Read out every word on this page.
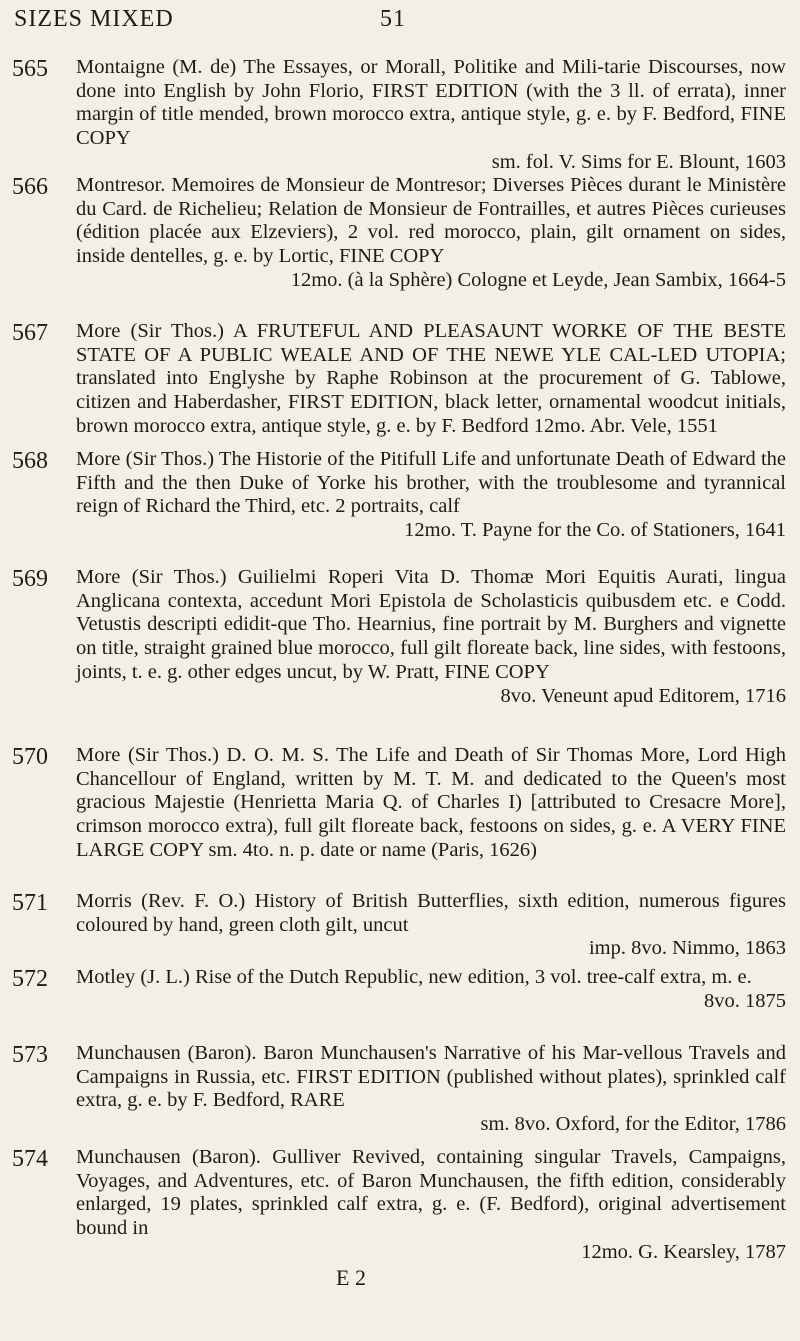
SIZES MIXED	51
565	Montaigne (M. de) The Essayes, or Morall, Politike and Mili-tarie Discourses, now done into English by John Florio, FIRST EDITION (with the 3 ll. of errata), inner margin of title mended, brown morocco extra, antique style, g. e. by F. Bedford, FINE COPY
sm. fol. V. Sims for E. Blount, 1603
566	Montresor. Memoires de Monsieur de Montresor; Diverses Pièces durant le Ministère du Card. de Richelieu; Relation de Monsieur de Fontrailles, et autres Pièces curieuses (édition placée aux Elzeviers), 2 vol. red morocco, plain, gilt ornament on sides, inside dentelles, g. e. by Lortic, FINE COPY
12mo. (à la Sphère) Cologne et Leyde, Jean Sambix, 1664-5
567	More (Sir Thos.) A FRUTEFUL AND PLEASAUNT WORKE OF THE BESTE STATE OF A PUBLIC WEALE AND OF THE NEWE YLE CAL-LED UTOPIA; translated into Englyshe by Raphe Robinson at the procurement of G. Tablowe, citizen and Haberdasher, FIRST EDITION, black letter, ornamental woodcut initials, brown morocco extra, antique style, g. e. by F. Bedford 12mo. Abr. Vele, 1551
568	More (Sir Thos.) The Historie of the Pitifull Life and unfortunate Death of Edward the Fifth and the then Duke of Yorke his brother, with the troublesome and tyrannical reign of Richard the Third, etc. 2 portraits, calf
12mo. T. Payne for the Co. of Stationers, 1641
569	More (Sir Thos.) Guilielmi Roperi Vita D. Thomæ Mori Equitis Aurati, lingua Anglicana contexta, accedunt Mori Epistola de Scholasticis quibusdem etc. e Codd. Vetustis descripti edidit-que Tho. Hearnius, fine portrait by M. Burghers and vignette on title, straight grained blue morocco, full gilt floreate back, line sides, with festoons, joints, t. e. g. other edges uncut, by W. Pratt, FINE COPY
8vo. Veneunt apud Editorem, 1716
570	More (Sir Thos.) D. O. M. S. The Life and Death of Sir Thomas More, Lord High Chancellour of England, written by M. T. M. and dedicated to the Queen's most gracious Majestie (Henrietta Maria Q. of Charles I) [attributed to Cresacre More], crimson morocco extra), full gilt floreate back, festoons on sides, g. e. A VERY FINE LARGE COPY sm. 4to. n. p. date or name (Paris, 1626)
571	Morris (Rev. F. O.) History of British Butterflies, sixth edition, numerous figures coloured by hand, green cloth gilt, uncut
imp. 8vo. Nimmo, 1863
572	Motley (J. L.) Rise of the Dutch Republic, new edition, 3 vol. tree-calf extra, m. e.
8vo. 1875
573	Munchausen (Baron). Baron Munchausen's Narrative of his Mar-vellous Travels and Campaigns in Russia, etc. FIRST EDITION (published without plates), sprinkled calf extra, g. e. by F. Bedford, RARE
sm. 8vo. Oxford, for the Editor, 1786
574	Munchausen (Baron). Gulliver Revived, containing singular Travels, Campaigns, Voyages, and Adventures, etc. of Baron Munchausen, the fifth edition, considerably enlarged, 19 plates, sprinkled calf extra, g. e. (F. Bedford), original advertisement bound in
12mo. G. Kearsley, 1787
E 2
